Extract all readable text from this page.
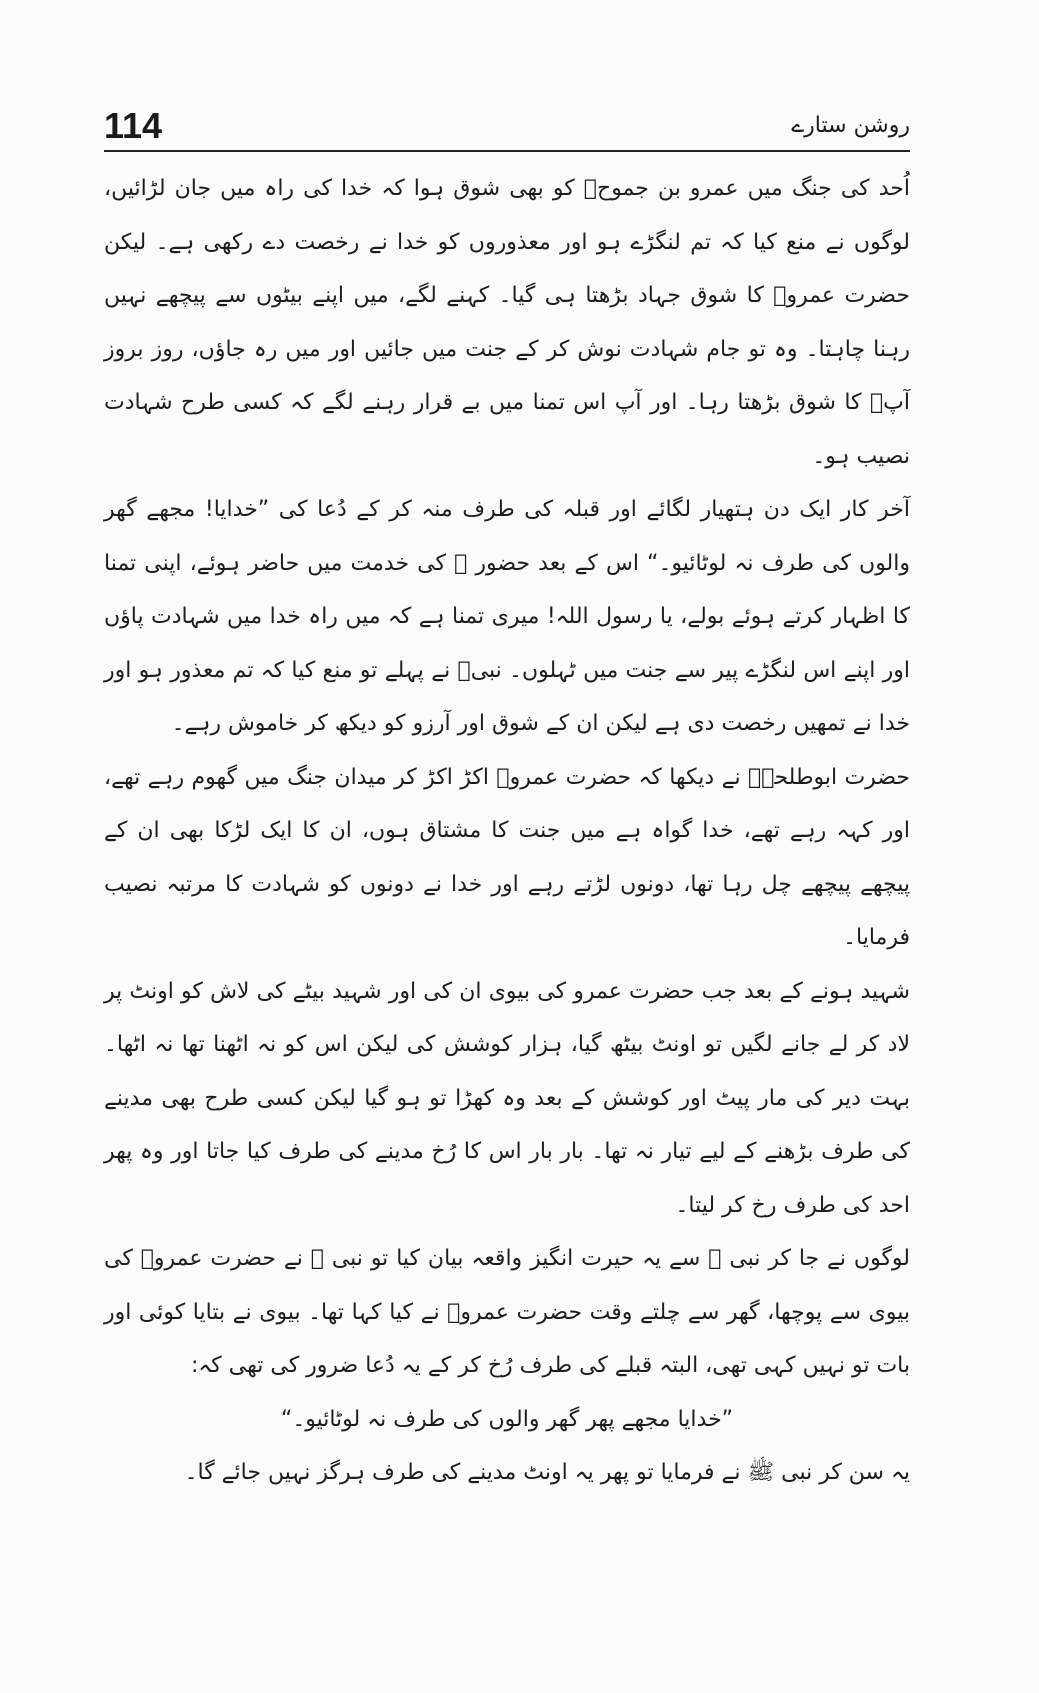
114	روشن ستارے

اُحد کی جنگ میں عمرو بن جموحؓ کو بھی شوق ہوا کہ خدا کی راہ میں جان لڑائیں، لوگوں نے منع کیا کہ تم لنگڑے ہو اور معذوروں کو خدا نے رخصت دے رکھی ہے۔ لیکن حضرت عمروؓ کا شوق جہاد بڑھتا ہی گیا۔ کہنے لگے، میں اپنے بیٹوں سے پیچھے نہیں رہنا چاہتا۔ وہ تو جام شہادت نوش کر کے جنت میں جائیں اور میں رہ جاؤں، روز بروز آپؓ کا شوق بڑھتا رہا۔ اور آپ اس تمنا میں بے قرار رہنے لگے کہ کسی طرح شہادت نصیب ہو۔

آخر کار ایک دن ہتھیار لگائے اور قبلہ کی طرف منہ کر کے دُعا کی ”خدایا! مجھے گھر والوں کی طرف نہ لوٹائیو۔“ اس کے بعد حضور ﷺ کی خدمت میں حاضر ہوئے، اپنی تمنا کا اظہار کرتے ہوئے بولے، یا رسول اللہ! میری تمنا ہے کہ میں راہ خدا میں شہادت پاؤں اور اپنے اس لنگڑے پیر سے جنت میں ٹہلوں۔ نبیؐ نے پہلے تو منع کیا کہ تم معذور ہو اور خدا نے تمھیں رخصت دی ہے لیکن ان کے شوق اور آرزو کو دیکھ کر خاموش رہے۔

حضرت ابوطلحہؓ نے دیکھا کہ حضرت عمروؓ اکڑ اکڑ کر میدان جنگ میں گھوم رہے تھے، اور کہہ رہے تھے، خدا گواہ ہے میں جنت کا مشتاق ہوں، ان کا ایک لڑکا بھی ان کے پیچھے پیچھے چل رہا تھا، دونوں لڑتے رہے اور خدا نے دونوں کو شہادت کا مرتبہ نصیب فرمایا۔

شہید ہونے کے بعد جب حضرت عمرو کی بیوی ان کی اور شہید بیٹے کی لاش کو اونٹ پر لاد کر لے جانے لگیں تو اونٹ بیٹھ گیا، ہزار کوشش کی لیکن اس کو نہ اٹھنا تھا نہ اٹھا۔ بہت دیر کی مار پیٹ اور کوشش کے بعد وہ کھڑا تو ہو گیا لیکن کسی طرح بھی مدینے کی طرف بڑھنے کے لیے تیار نہ تھا۔ بار بار اس کا رُخ مدینے کی طرف کیا جاتا اور وہ پھر احد کی طرف رخ کر لیتا۔

لوگوں نے جا کر نبی ﷺ سے یہ حیرت انگیز واقعہ بیان کیا تو نبی ﷺ نے حضرت عمروؓ کی بیوی سے پوچھا، گھر سے چلتے وقت حضرت عمروؓ نے کیا کہا تھا۔ بیوی نے بتایا کوئی اور بات تو نہیں کہی تھی، البتہ قبلے کی طرف رُخ کر کے یہ دُعا ضرور کی تھی کہ:

”خدایا مجھے پھر گھر والوں کی طرف نہ لوٹائیو۔“

یہ سن کر نبی ﷺ نے فرمایا تو پھر یہ اونٹ مدینے کی طرف ہرگز نہیں جائے گا۔
